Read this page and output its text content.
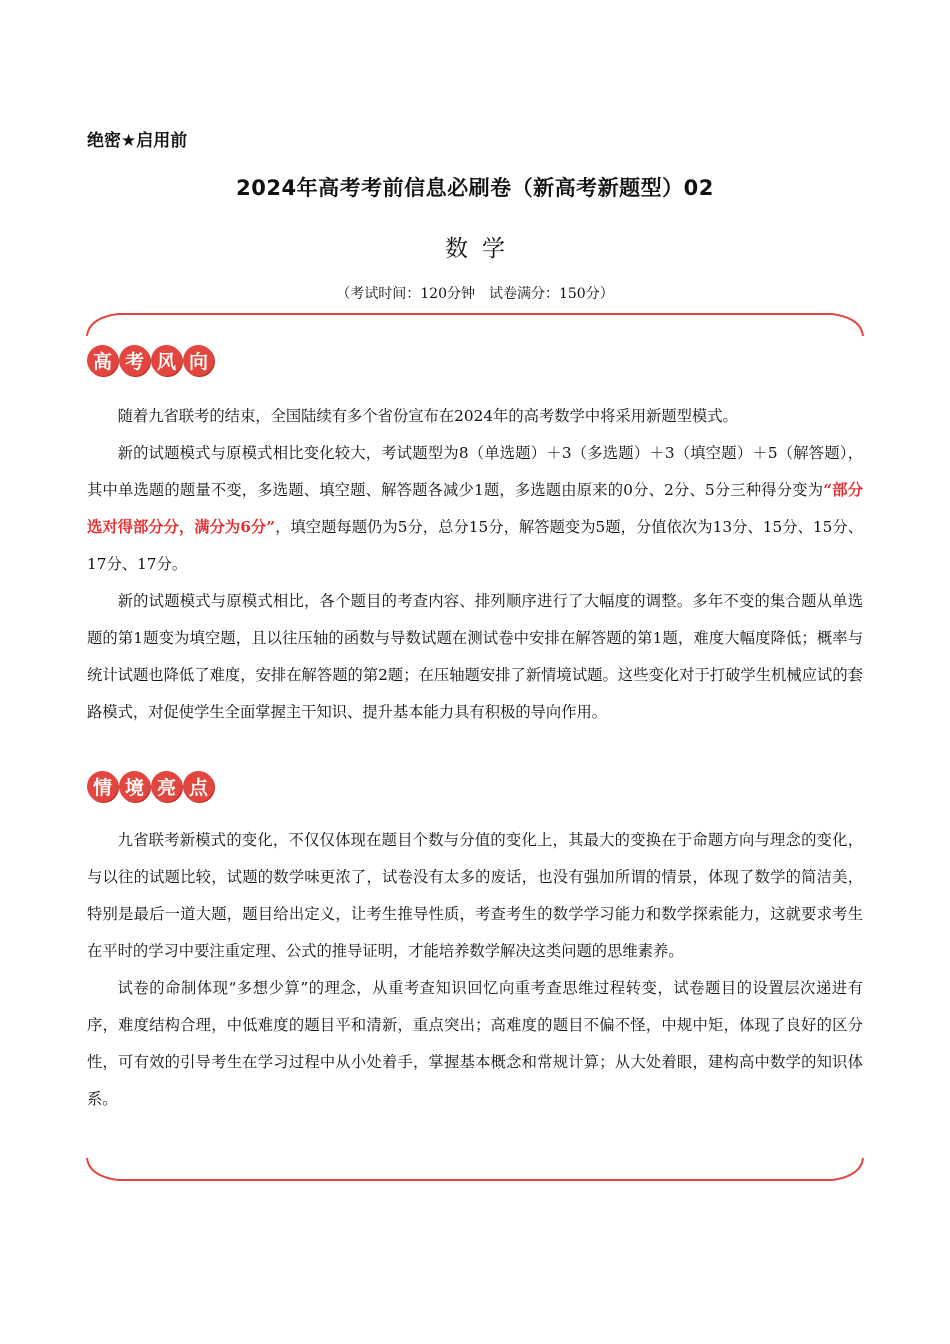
绝密★启用前
2024年高考考前信息必刷卷（新高考新题型）02
数学
（考试时间：120分钟　试卷满分：150分）
高 考 风 向

随着九省联考的结束，全国陆续有多个省份宣布在2024年的高考数学中将采用新题型模式。

新的试题模式与原模式相比变化较大，考试题型为8（单选题）＋3（多选题）＋3（填空题）＋5（解答题），其中单选题的题量不变，多选题、填空题、解答题各减少1题，多选题由原来的0分、2分、5分三种得分变为“部分选对得部分分，满分为6分”，填空题每题仍为5分，总分15分，解答题变为5题，分值依次为13分、15分、15分、17分、17分。

新的试题模式与原模式相比，各个题目的考查内容、排列顺序进行了大幅度的调整。多年不变的集合题从单选题的第1题变为填空题，且以往压轴的函数与导数试题在测试卷中安排在解答题的第1题，难度大幅度降低；概率与统计试题也降低了难度，安排在解答题的第2题；在压轴题安排了新情境试题。这些变化对于打破学生机械应试的套路模式，对促使学生全面掌握主干知识、提升基本能力具有积极的导向作用。

情 境 亮 点

九省联考新模式的变化，不仅仅体现在题目个数与分值的变化上，其最大的变换在于命题方向与理念的变化，与以往的试题比较，试题的数学味更浓了，试卷没有太多的废话，也没有强加所谓的情景，体现了数学的简洁美，特别是最后一道大题，题目给出定义，让考生推导性质，考查考生的数学学习能力和数学探索能力，这就要求考生在平时的学习中要注重定理、公式的推导证明，才能培养数学解决这类问题的思维素养。

试卷的命制体现“多想少算”的理念，从重考查知识回忆向重考查思维过程转变，试卷题目的设置层次递进有序，难度结构合理，中低难度的题目平和清新，重点突出；高难度的题目不偏不怪，中规中矩，体现了良好的区分性，可有效的引导考生在学习过程中从小处着手，掌握基本概念和常规计算；从大处着眼，建构高中数学的知识体系。
